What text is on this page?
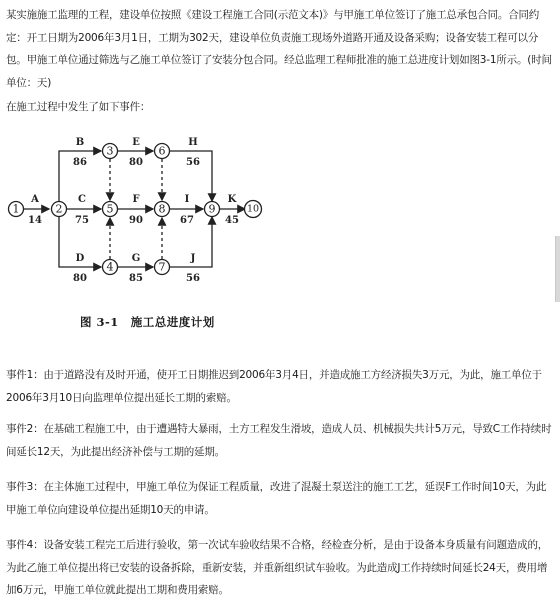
某实施施工监理的工程，建设单位按照《建设工程施工合同(示范文本)》与甲施工单位签订了施工总承包合同。合同约定：开工日期为2006年3月1日，工期为302天，建设单位负责施工现场外道路开通及设备采购；设备安装工程可以分包。甲施工单位通过筛选与乙施工单位签订了安装分包合同。经总监理工程师批准的施工总进度计划如图3-1所示。(时间单位：天)

在施工过程中发生了如下事件：

1	2
3
4
5
6
7
8	9	10
A
B
C
D
E
F
G
H
I
J
K
14
86
75
80
80
90
85
56
67
56
45
图 3-1　施工总进度计划

事件1：由于道路没有及时开通，使开工日期推迟到2006年3月4日，并造成施工方经济损失3万元，为此，施工单位于2006年3月10日向监理单位提出延长工期的索赔。

事件2：在基础工程施工中，由于遭遇特大暴雨，土方工程发生滑坡，造成人员、机械损失共计5万元，导致C工作持续时间延长12天，为此提出经济补偿与工期的延期。

事件3：在主体施工过程中，甲施工单位为保证工程质量，改进了混凝土泵送注的施工工艺，延误F工作时间10天，为此甲施工单位向建设单位提出延期10天的申请。

事件4：设备安装工程完工后进行验收，第一次试车验收结果不合格，经检查分析，是由于设备本身质量有问题造成的，为此乙施工单位提出将已安装的设备拆除，重新安装，并重新组织试车验收。为此造成J工作持续时间延长24天，费用增加6万元，甲施工单位就此提出工期和费用索赔。
